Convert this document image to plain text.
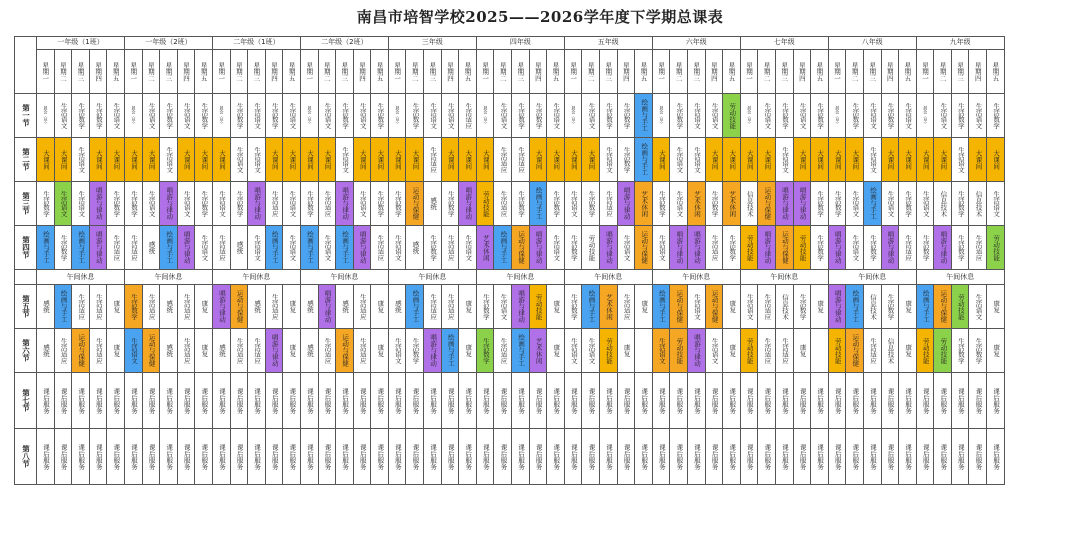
南昌市培智学校2025——2026学年度下学期总课表

	一年级（1班）					一年级（2班）					二年级（1班）					二年级（2班）					三年级					四年级					五年级					六年级					七年级					八年级					九年级				

	星期一	星期二	星期三	星期四	星期五	星期一	星期二	星期三	星期四	星期五	星期一	星期二	星期三	星期四	星期五	星期一	星期二	星期三	星期四	星期五	星期一	星期二	星期三	星期四	星期五	星期一	星期二	星期三	星期四	星期五	星期一	星期二	星期三	星期四	星期五	星期一	星期二	星期三	星期四	星期五	星期一	星期二	星期三	星期四	星期五	星期一	星期二	星期三	星期四	星期五	星期一	星期二	星期三	星期四	星期五

第一节	晨会（早）	生活语文	生活数学	生活数学	生活语文	晨会（早）	生活语文	生活数学	生活语文	生活数学	晨会（早）	生活数学	生活语文	生活数学	生活语文	晨会（早）	生活语文	生活数学	生活语文	生活数学	晨会（早）	生活数学	生活语文	生活语文	生活适应	晨会（早）	生活语文	生活数学	生活数学	生活语文	晨会（早）	生活语文	生活数学	生活数学	绘画与手工	晨会（早）	生活数学	生活语文	生活语文	劳动技能	晨会（早）	生活语文	生活数学	生活语文	生活数学	晨会（早）	生活数学	生活语文	生活数学	生活语文	晨会（早）	生活语文	生活数学	生活语文	生活数学

第二节	大课间	大课间	生活语文	大课间	大课间	大课间	大课间	生活语文	大课间	大课间	大课间	生活语文	生活语文	大课间	大课间	大课间	大课间	生活语文	大课间	大课间	大课间	大课间	生活适应	大课间	大课间	大课间	生活适应	生活适应	大课间	大课间	大课间	大课间	生活语文	生活数学	绘画与手工	大课间	生活语文	生活语文	大课间	大课间	大课间	大课间	生活语文	大课间	大课间	大课间	大课间	生活语文	大课间	大课间	大课间	大课间	生活语文	大课间	大课间

第三节	生活数学	生活语文	生活语文	唱游与律动	生活数学	生活数学	生活语文	唱游与律动	生活语文	生活数学	生活语文	生活数学	唱游与律动	生活适应	生活语文	生活数学	生活适应	唱游与律动	生活语文	生活数学	生活数学	运动与保健	感统	生活数学	唱游与律动	劳动技能	生活适应	生活数学	绘画与手工	生活数学	生活语文	生活数学	生活适应	唱游与律动	艺术休闲	生活数学	生活语文	艺术休闲	生活数学	艺术休闲	信息技术	运动与保健	唱游与律动	唱游与律动	生活数学	生活数学	生活语文	绘画与手工	生活语文	生活数学	生活语文	信息技术	生活数学	信息技术	生活语文

第四节	绘画与手工	生活数学	绘画与手工	唱游与律动	生活适应	生活适应	感统	绘画与手工	唱游与律动	生活语文	生活适应	感统	生活语文	绘画与手工	生活语文	绘画与手工	生活语文	绘画与手工	唱游与律动	生活适应	生活语文	感统	生活数学	生活适应	生活语文	艺术休闲	绘画与手工	运动与保健	唱游与律动	生活语文	生活数学	劳动技能	唱游与律动	生活语文	运动与保健	生活语文	唱游与律动	唱游与律动	生活适应	生活数学	劳动技能	唱游与律动	运动与保健	劳动技能	生活数学	唱游与律动	生活语文	生活数学	唱游与律动	生活适应	生活数学	唱游与律动	生活数学	生活适应	劳动技能

	午间休息					午间休息					午间休息					午间休息					午间休息					午间休息					午间休息					午间休息					午间休息					午间休息					午间休息				

第五节	感统	绘画与手工	生活适应	生活适应	康复	生活数学	生活适应	感统	生活适应	康复	唱游与律动	运动与保健	感统	生活适应	康复	感统	唱游与律动	感统	生活适应	康复	感统	绘画与手工	生活适应	生活适应	康复	生活数学	生活语文	唱游与律动	劳动技能	康复	生活数学	绘画与手工	艺术休闲	生活适应	康复	绘画与手工	运动与保健	生活语文	运动与保健	康复	生活语文	生活适应	信息技术	生活数学	康复	唱游与律动	绘画与手工	信息技术	生活数学	康复	绘画与手工	运动与保健	劳动技能	生活语文	康复

第六节	感统	生活适应	运动与保健	生活适应	康复	生活语文	运动与保健	感统	生活适应	康复	感统	生活适应	生活适应	唱游与律动	康复	感统	生活适应	运动与保健	生活适应	康复	生活语文	生活数学	唱游与律动	绘画与手工	康复	生活数学	生活适应	绘画与手工	艺术休闲	康复	生活语文	生活语文	劳动技能	康复		生活语文	劳动技能	唱游与律动	生活语文	康复	劳动技能	生活适应	生活适应	康复		劳动技能	运动与保健	生活适应	信息技术	康复	劳动技能	劳动技能	生活数学	生活数学	康复

第七节	课后服务	课后服务	课后服务	课后服务	课后服务	课后服务	课后服务	课后服务	课后服务	课后服务	课后服务	课后服务	课后服务	课后服务	课后服务	课后服务	课后服务	课后服务	课后服务	课后服务	课后服务	课后服务	课后服务	课后服务	课后服务	课后服务	课后服务	课后服务	课后服务	课后服务	课后服务	课后服务	课后服务	课后服务	课后服务	课后服务	课后服务	课后服务	课后服务	课后服务	课后服务	课后服务	课后服务	课后服务	课后服务	课后服务	课后服务	课后服务	课后服务	课后服务	课后服务	课后服务	课后服务	课后服务	课后服务

第八节	课后服务	课后服务	课后服务	课后服务	课后服务	课后服务	课后服务	课后服务	课后服务	课后服务	课后服务	课后服务	课后服务	课后服务	课后服务	课后服务	课后服务	课后服务	课后服务	课后服务	课后服务	课后服务	课后服务	课后服务	课后服务	课后服务	课后服务	课后服务	课后服务	课后服务	课后服务	课后服务	课后服务	课后服务	课后服务	课后服务	课后服务	课后服务	课后服务	课后服务	课后服务	课后服务	课后服务	课后服务	课后服务	课后服务	课后服务	课后服务	课后服务	课后服务	课后服务	课后服务	课后服务	课后服务	课后服务
